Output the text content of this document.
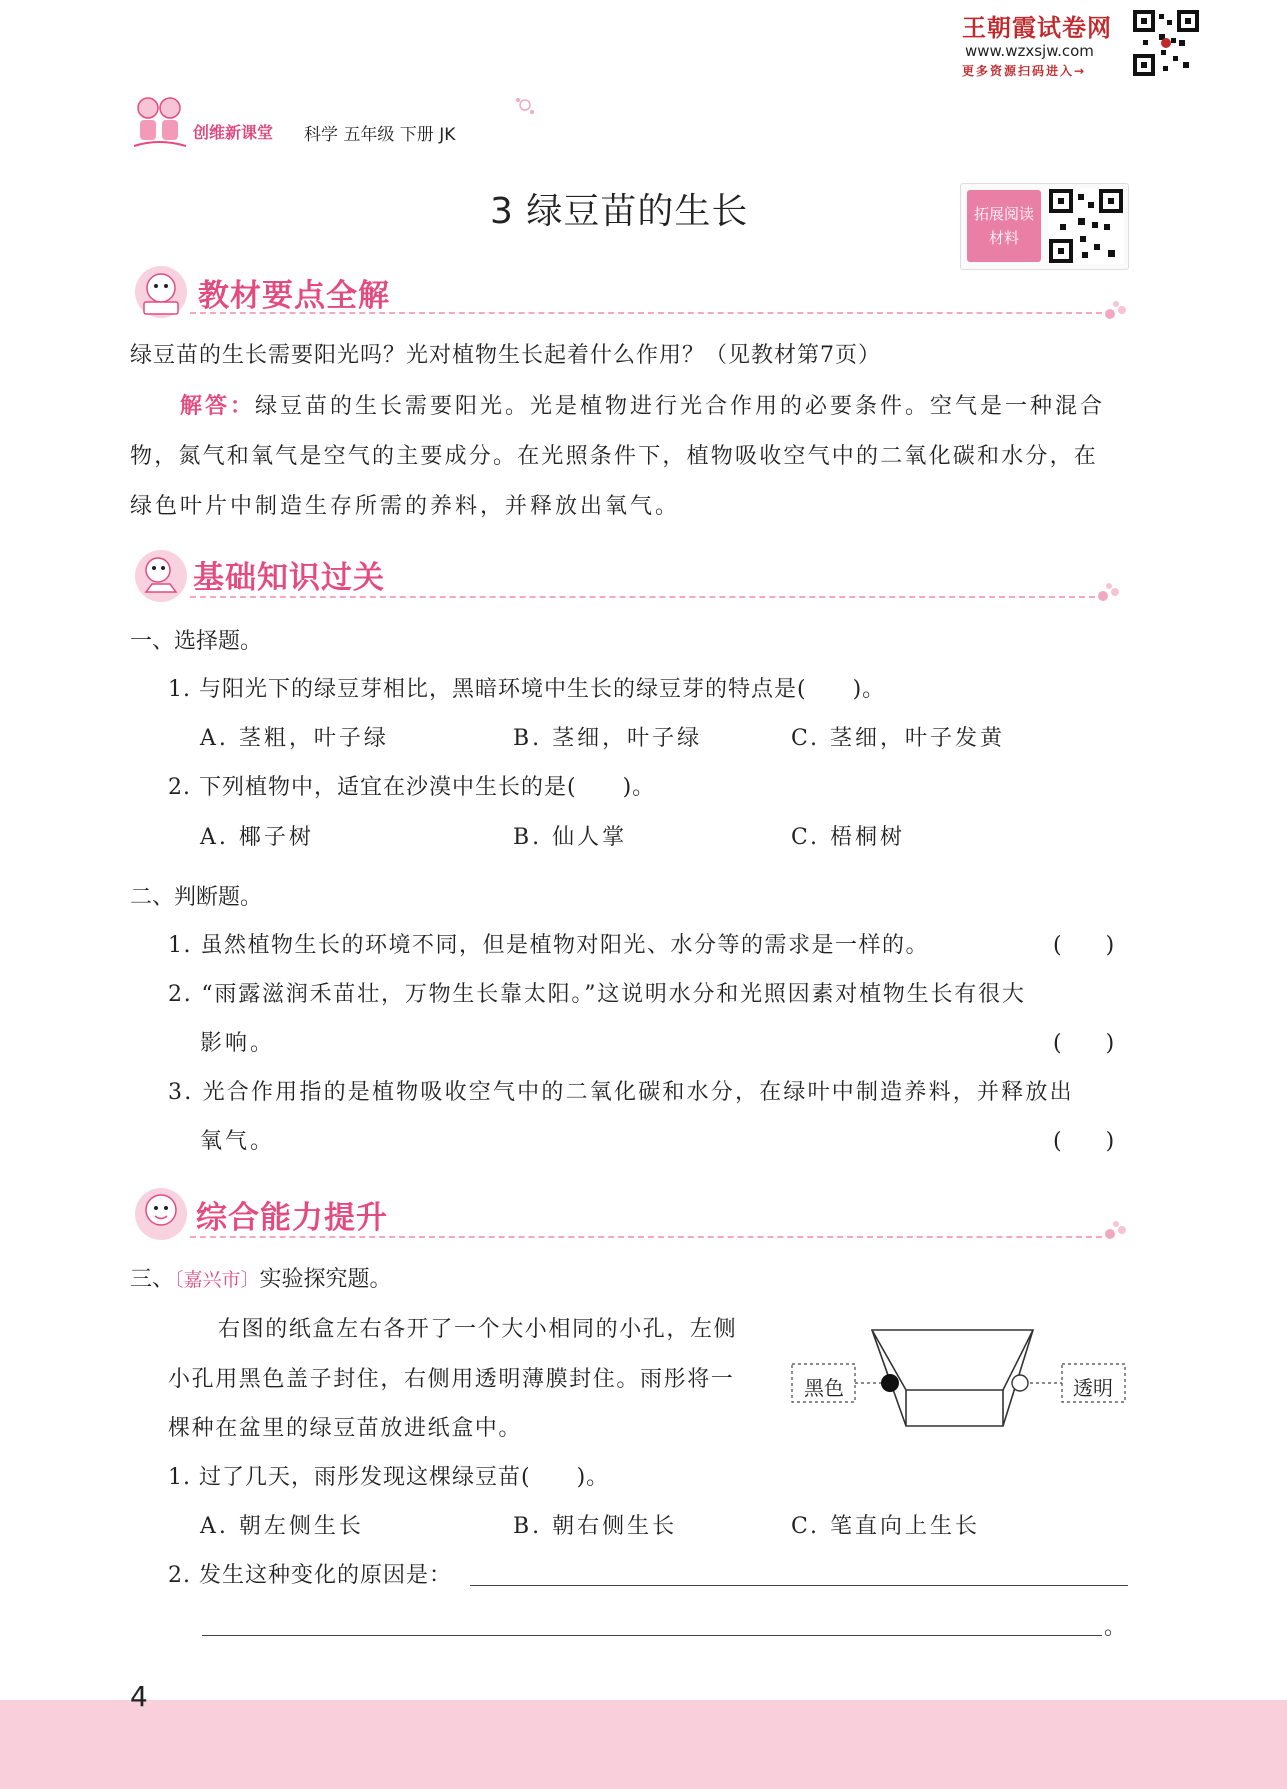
王朝霞试卷网
www.wzxsjw.com
更多资源扫码进入→
创维新课堂 科学 五年级 下册 JK
3 绿豆苗的生长	拓展阅读
材料
教材要点全解
绿豆苗的生长需要阳光吗？光对植物生长起着什么作用？（见教材第7页）
解答：绿豆苗的生长需要阳光。光是植物进行光合作用的必要条件。空气是一种混合
物，氮气和氧气是空气的主要成分。在光照条件下，植物吸收空气中的二氧化碳和水分，在
绿色叶片中制造生存所需的养料，并释放出氧气。
基础知识过关
一、选择题。
1. 与阳光下的绿豆芽相比，黑暗环境中生长的绿豆芽的特点是(　　)。
A. 茎粗，叶子绿	B. 茎细，叶子绿	C. 茎细，叶子发黄
2. 下列植物中，适宜在沙漠中生长的是(　　)。
A. 椰子树	B. 仙人掌	C. 梧桐树
二、判断题。
1. 虽然植物生长的环境不同，但是植物对阳光、水分等的需求是一样的。	(　　)
2. “雨露滋润禾苗壮，万物生长靠太阳。”这说明水分和光照因素对植物生长有很大
影响。	(　　)
3. 光合作用指的是植物吸收空气中的二氧化碳和水分，在绿叶中制造养料，并释放出
氧气。	(　　)
综合能力提升
三、〔嘉兴市〕实验探究题。
右图的纸盒左右各开了一个大小相同的小孔，左侧
小孔用黑色盖子封住，右侧用透明薄膜封住。雨彤将一
棵种在盆里的绿豆苗放进纸盒中。
黑色	透明
1. 过了几天，雨彤发现这棵绿豆苗(　　)。
A. 朝左侧生长	B. 朝右侧生长	C. 笔直向上生长
2. 发生这种变化的原因是：
。
4
